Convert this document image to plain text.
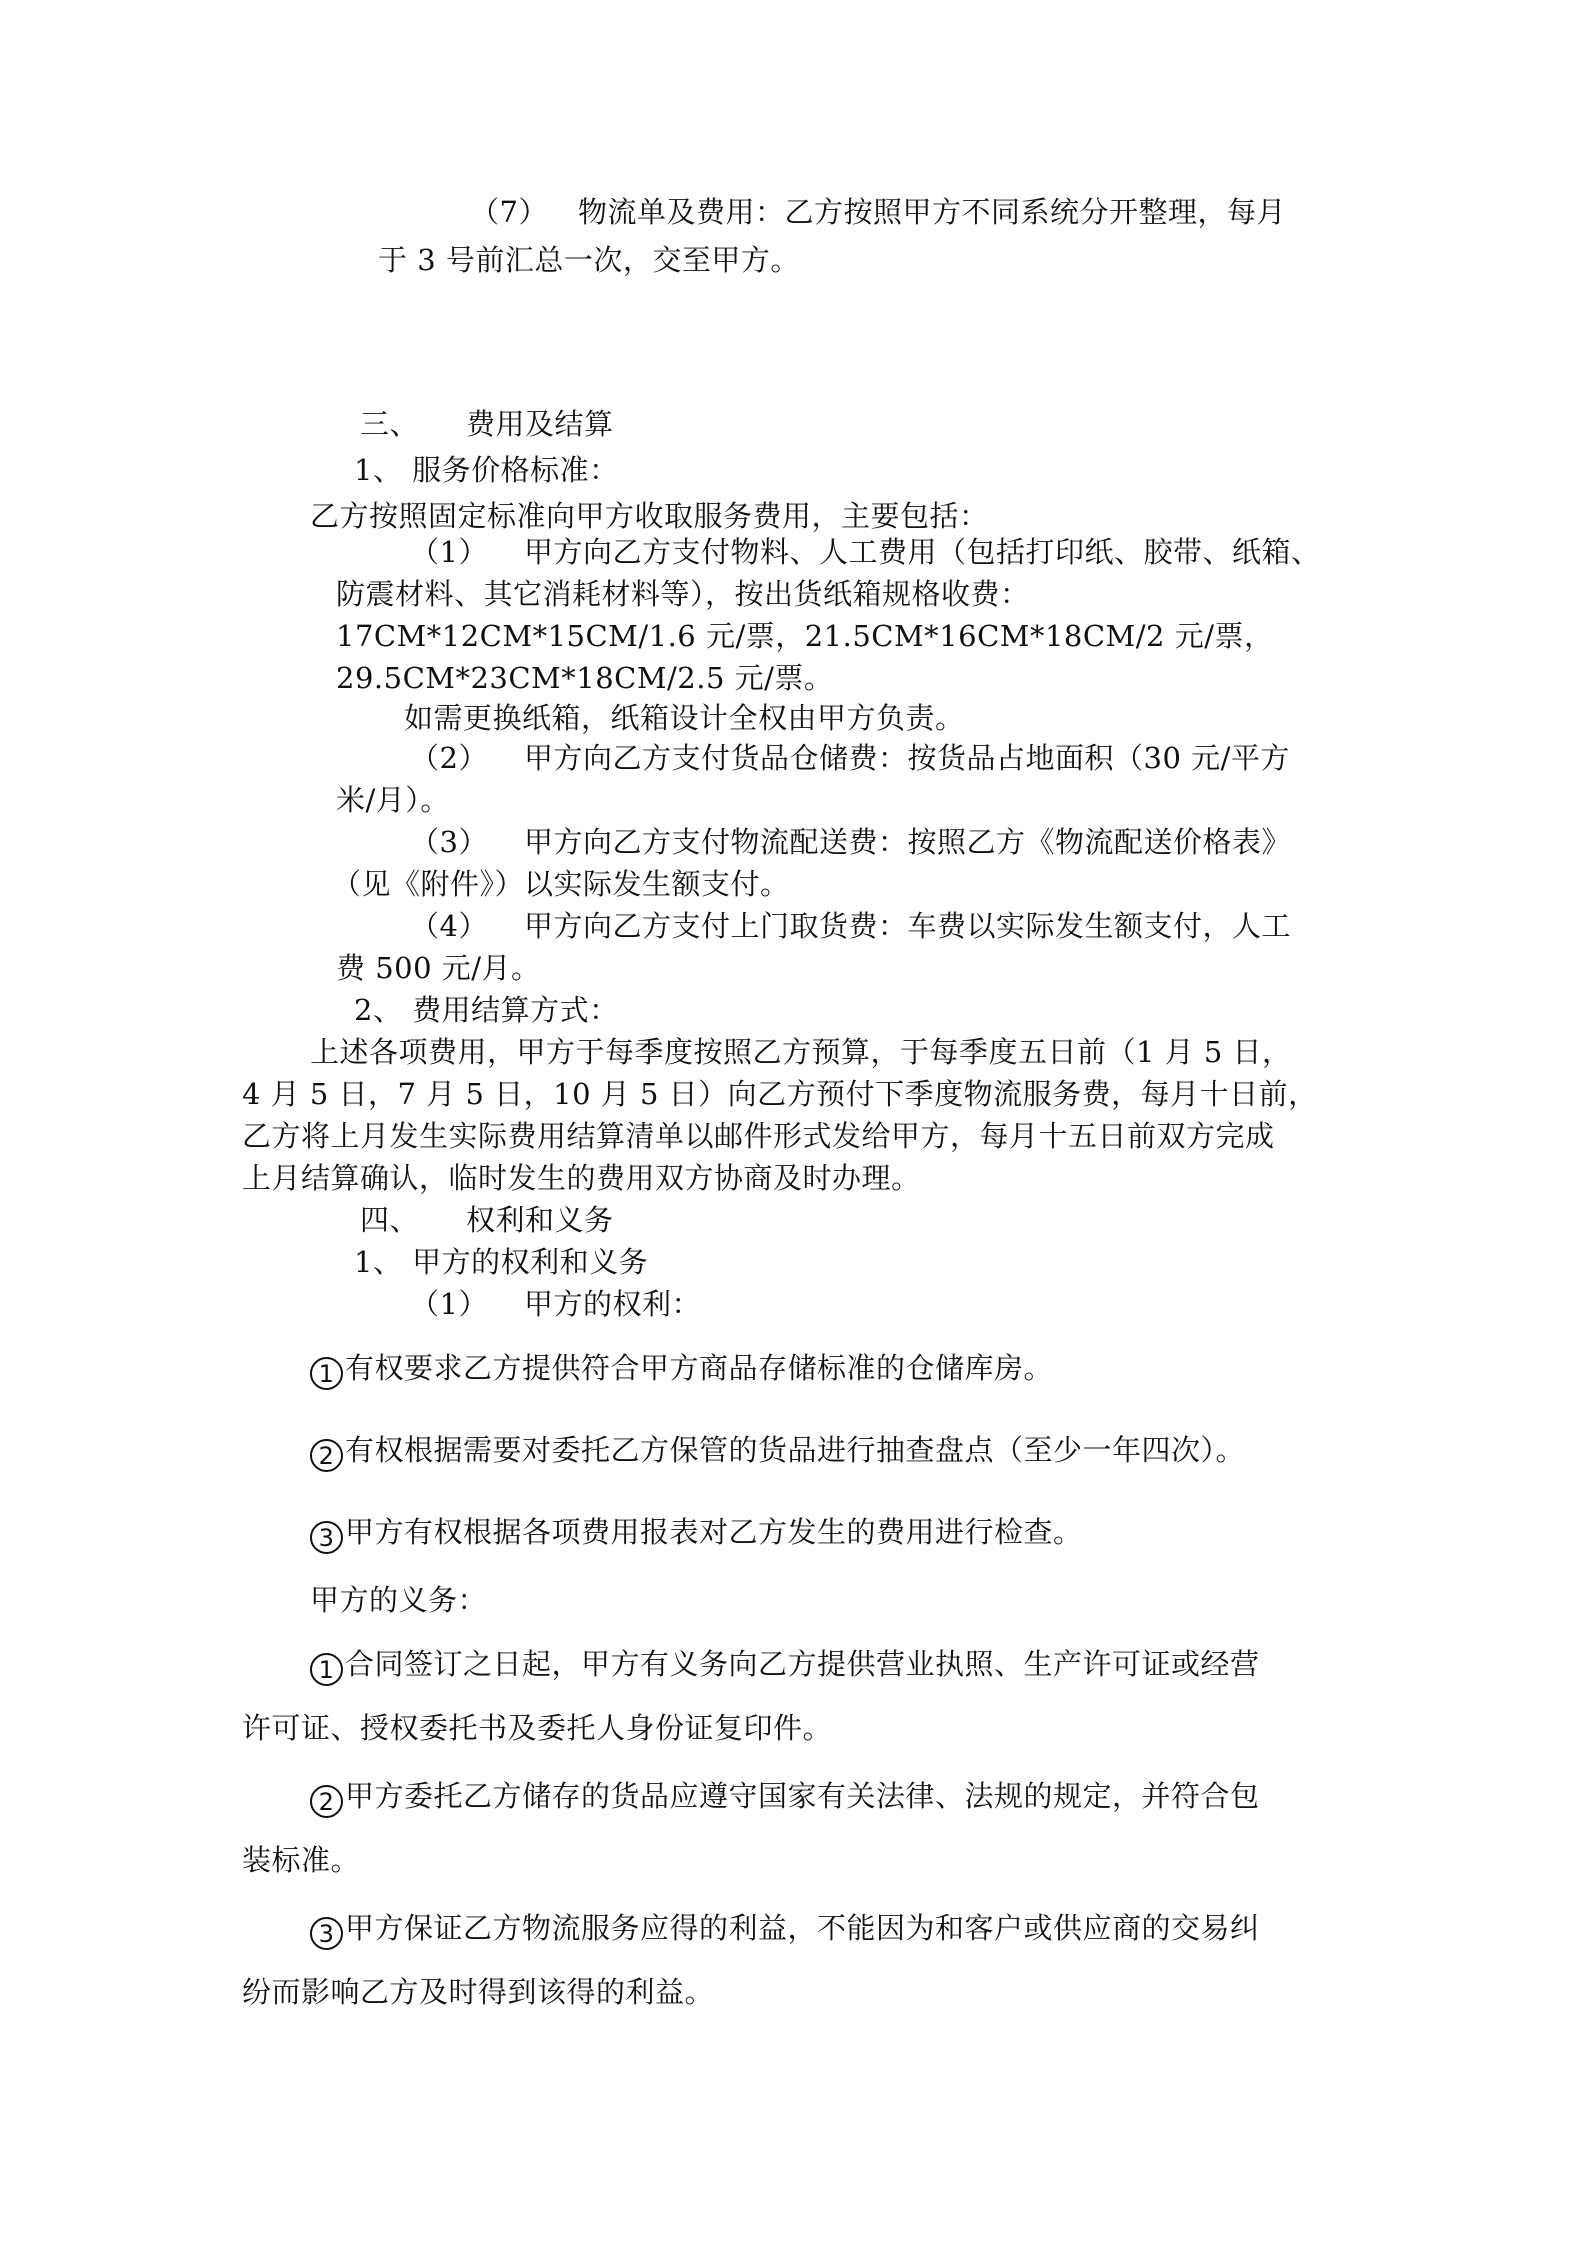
（7） 物流单及费用：乙方按照甲方不同系统分开整理，每月
于 3 号前汇总一次，交至甲方。
三、 费用及结算
1、 服务价格标准：
乙方按照固定标准向甲方收取服务费用，主要包括：
（1） 甲方向乙方支付物料、人工费用（包括打印纸、胶带、纸箱、
防震材料、其它消耗材料等），按出货纸箱规格收费：
17CM*12CM*15CM/1.6 元/票，21.5CM*16CM*18CM/2 元/票，
29.5CM*23CM*18CM/2.5 元/票。
如需更换纸箱，纸箱设计全权由甲方负责。
（2） 甲方向乙方支付货品仓储费：按货品占地面积（30 元/平方
米/月）。
（3） 甲方向乙方支付物流配送费：按照乙方《物流配送价格表》
（见《附件》）以实际发生额支付。
（4） 甲方向乙方支付上门取货费：车费以实际发生额支付，人工
费 500 元/月。
2、 费用结算方式：
上述各项费用，甲方于每季度按照乙方预算，于每季度五日前（1 月 5 日，
4 月 5 日，7 月 5 日，10 月 5 日）向乙方预付下季度物流服务费，每月十日前，
乙方将上月发生实际费用结算清单以邮件形式发给甲方，每月十五日前双方完成
上月结算确认，临时发生的费用双方协商及时办理。
四、 权利和义务
1、 甲方的权利和义务
（1） 甲方的权利：
1 有权要求乙方提供符合甲方商品存储标准的仓储库房。
2 有权根据需要对委托乙方保管的货品进行抽查盘点（至少一年四次）。
3 甲方有权根据各项费用报表对乙方发生的费用进行检查。
甲方的义务：
1 合同签订之日起，甲方有义务向乙方提供营业执照、生产许可证或经营
许可证、授权委托书及委托人身份证复印件。
2 甲方委托乙方储存的货品应遵守国家有关法律、法规的规定，并符合包
装标准。
3 甲方保证乙方物流服务应得的利益，不能因为和客户或供应商的交易纠
纷而影响乙方及时得到该得的利益。
